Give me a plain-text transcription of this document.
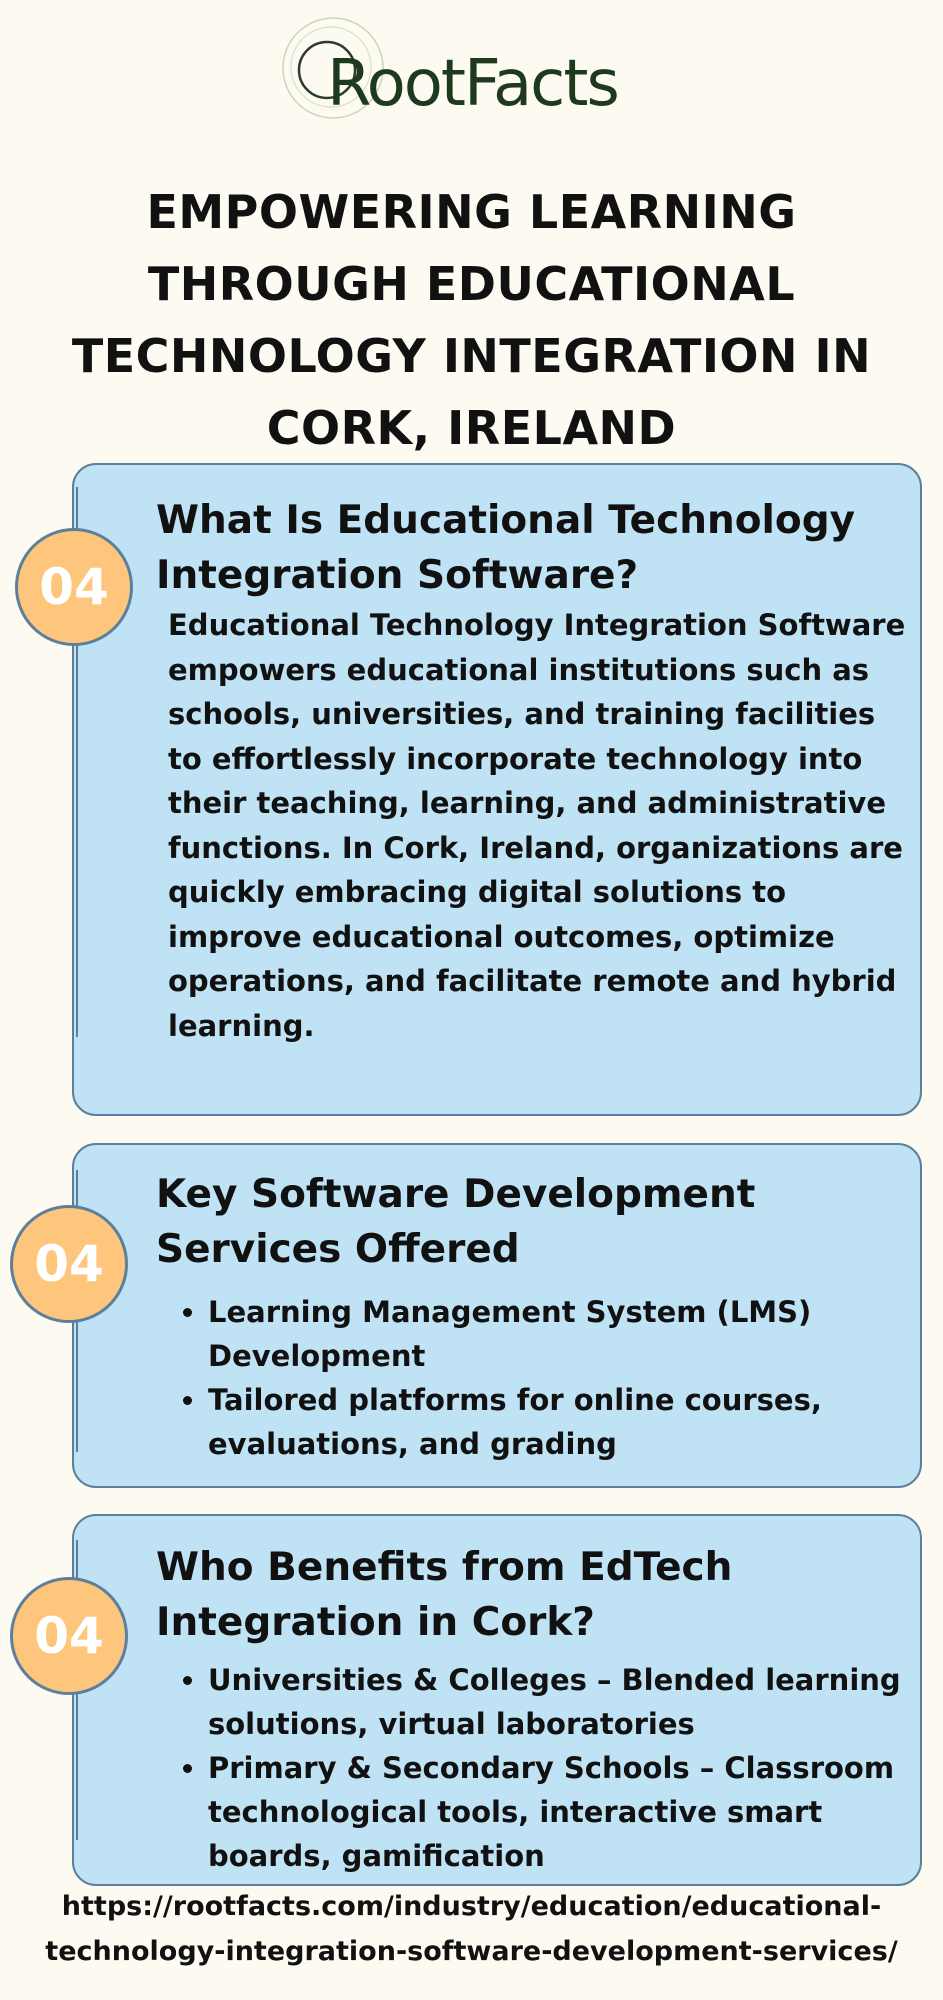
RootFacts
EMPOWERING LEARNING THROUGH EDUCATIONAL TECHNOLOGY INTEGRATION IN CORK, IRELAND
04
What Is Educational Technology Integration Software?
Educational Technology Integration Software empowers educational institutions such as schools, universities, and training facilities to effortlessly incorporate technology into their teaching, learning, and administrative functions. In Cork, Ireland, organizations are quickly embracing digital solutions to improve educational outcomes, optimize operations, and facilitate remote and hybrid learning.
04
Key Software Development Services Offered
• Learning Management System (LMS) Development
• Tailored platforms for online courses, evaluations, and grading
04
Who Benefits from EdTech Integration in Cork?
• Universities & Colleges – Blended learning solutions, virtual laboratories
• Primary & Secondary Schools – Classroom technological tools, interactive smart boards, gamification
https://rootfacts.com/industry/education/educational-technology-integration-software-development-services/
